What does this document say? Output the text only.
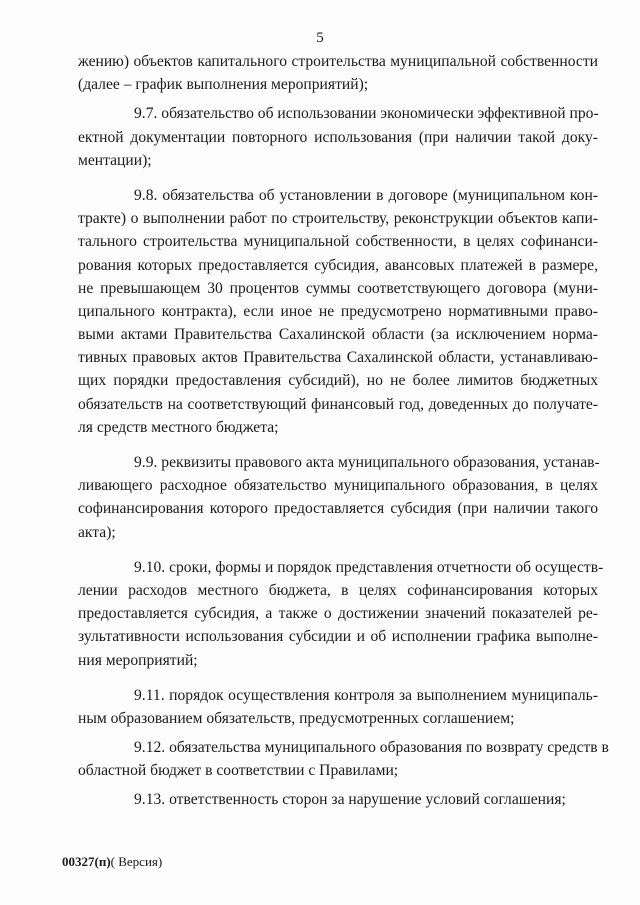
5
жению) объектов капитального строительства муниципальной собственности
(далее – график выполнения мероприятий);
9.7. обязательство об использовании экономически эффективной про-
ектной документации повторного использования (при наличии такой доку-
ментации);
9.8. обязательства об установлении в договоре (муниципальном кон-
тракте) о выполнении работ по строительству, реконструкции объектов капи-
тального строительства муниципальной собственности, в целях софинанси-
рования которых предоставляется субсидия, авансовых платежей в размере,
не превышающем 30 процентов суммы соответствующего договора (муни-
ципального контракта), если иное не предусмотрено нормативными право-
выми актами Правительства Сахалинской области (за исключением норма-
тивных правовых актов Правительства Сахалинской области, устанавливаю-
щих порядки предоставления субсидий), но не более лимитов бюджетных
обязательств на соответствующий финансовый год, доведенных до получате-
ля средств местного бюджета;
9.9. реквизиты правового акта муниципального образования, устанав-
ливающего расходное обязательство муниципального образования, в целях
софинансирования которого предоставляется субсидия (при наличии такого
акта);
9.10. сроки, формы и порядок представления отчетности об осуществ-
лении расходов местного бюджета, в целях софинансирования которых
предоставляется субсидия, а также о достижении значений показателей ре-
зультативности использования субсидии и об исполнении графика выполне-
ния мероприятий;
9.11. порядок осуществления контроля за выполнением муниципаль-
ным образованием обязательств, предусмотренных соглашением;
9.12. обязательства муниципального образования по возврату средств в
областной бюджет в соответствии с Правилами;
9.13. ответственность сторон за нарушение условий соглашения;
00327(п)( Версия)
